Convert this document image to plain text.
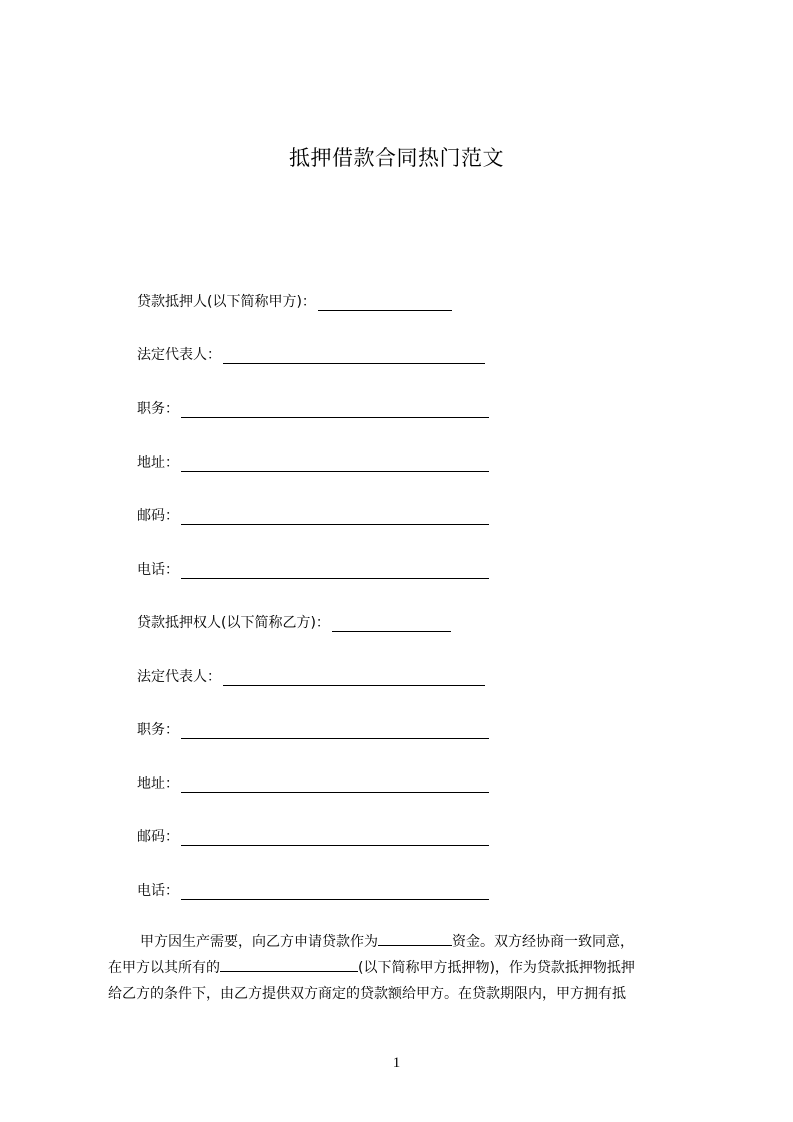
抵押借款合同热门范文
贷款抵押人(以下简称甲方)：
法定代表人：
职务：
地址：
邮码：
电话：
贷款抵押权人(以下简称乙方)：
法定代表人：
职务：
地址：
邮码：
电话：
甲方因生产需要，向乙方申请贷款作为	资金。双方经协商一致同意，
在甲方以其所有的	(以下简称甲方抵押物)，作为贷款抵押物抵押
给乙方的条件下，由乙方提供双方商定的贷款额给甲方。在贷款期限内，甲方拥有抵
1
